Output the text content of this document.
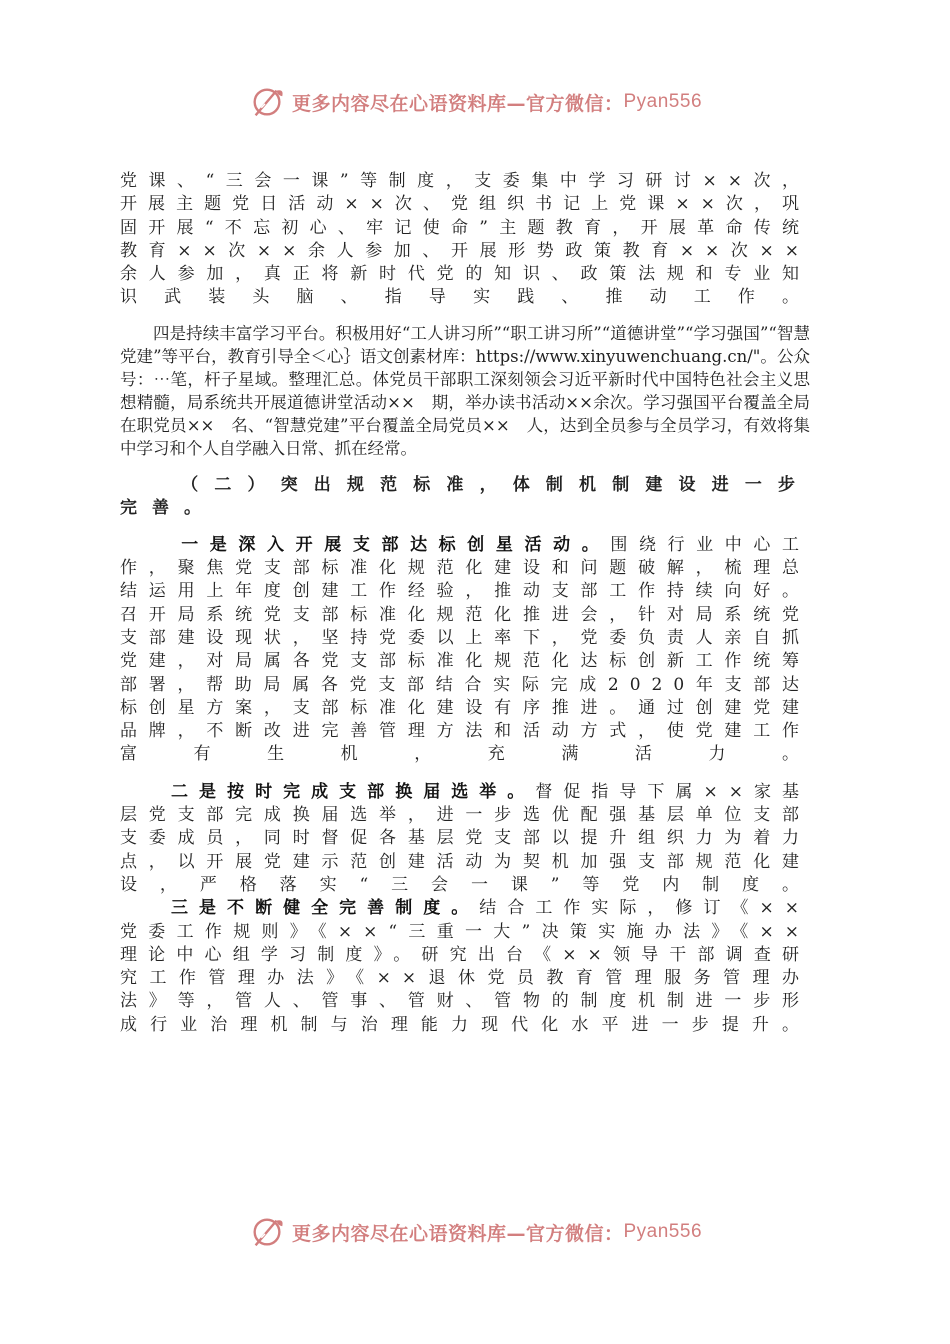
更多内容尽在心语资料库—官方微信： Pyan556

党课、“三会一课”等制度，支委集中学习研讨××次，开展主题党日活动××次、党组织书记上党课××次，巩固开展“不忘初心、牢记使命”主题教育，开展革命传统教育××次××余人参加、开展形势政策教育××次××余人参加，真正将新时代党的知识、政策法规和专业知识武装头脑、指导实践、推动工作。

四是持续丰富学习平台。积极用好“工人讲习所”“职工讲习所”“道德讲堂”“学习强国”“智慧党建”等平台，教育引导全＜心｝语文创素材库：https://www.xinyuwenchuang.cn/"。公众号：⋯笔，杆子星域。整理汇总。体党员干部职工深刻领会习近平新时代中国特色社会主义思想精髓，局系统共开展道德讲堂活动××　期，举办读书活动××余次。学习强国平台覆盖全局在职党员××　名、“智慧党建”平台覆盖全局党员××　人，达到全员参与全员学习，有效将集中学习和个人自学融入日常、抓在经常。

（二）突出规范标准，体制机制建设进一步完善。

一是深入开展支部达标创星活动。围绕行业中心工作，聚焦党支部标准化规范化建设和问题破解，梳理总结运用上年度创建工作经验，推动支部工作持续向好。召开局系统党支部标准化规范化推进会，针对局系统党支部建设现状，坚持党委以上率下，党委负责人亲自抓党建，对局属各党支部标准化规范化达标创新工作统筹部署，帮助局属各党支部结合实际完成2020年支部达标创星方案，支部标准化建设有序推进。通过创建党建品牌，不断改进完善管理方法和活动方式，使党建工作富有生机，充满活力。

二是按时完成支部换届选举。督促指导下属××家基层党支部完成换届选举，进一步选优配强基层单位支部支委成员，同时督促各基层党支部以提升组织力为着力点，以开展党建示范创建活动为契机加强支部规范化建设，严格落实“三会一课”等党内制度。

三是不断健全完善制度。结合工作实际，修订《××党委工作规则》《××“三重一大”决策实施办法》《××理论中心组学习制度》。研究出台《××领导干部调查研究工作管理办法》《××退休党员教育管理服务管理办法》等，管人、管事、管财、管物的制度机制进一步形成行业治理机制与治理能力现代化水平进一步提升。

更多内容尽在心语资料库—官方微信： Pyan556
